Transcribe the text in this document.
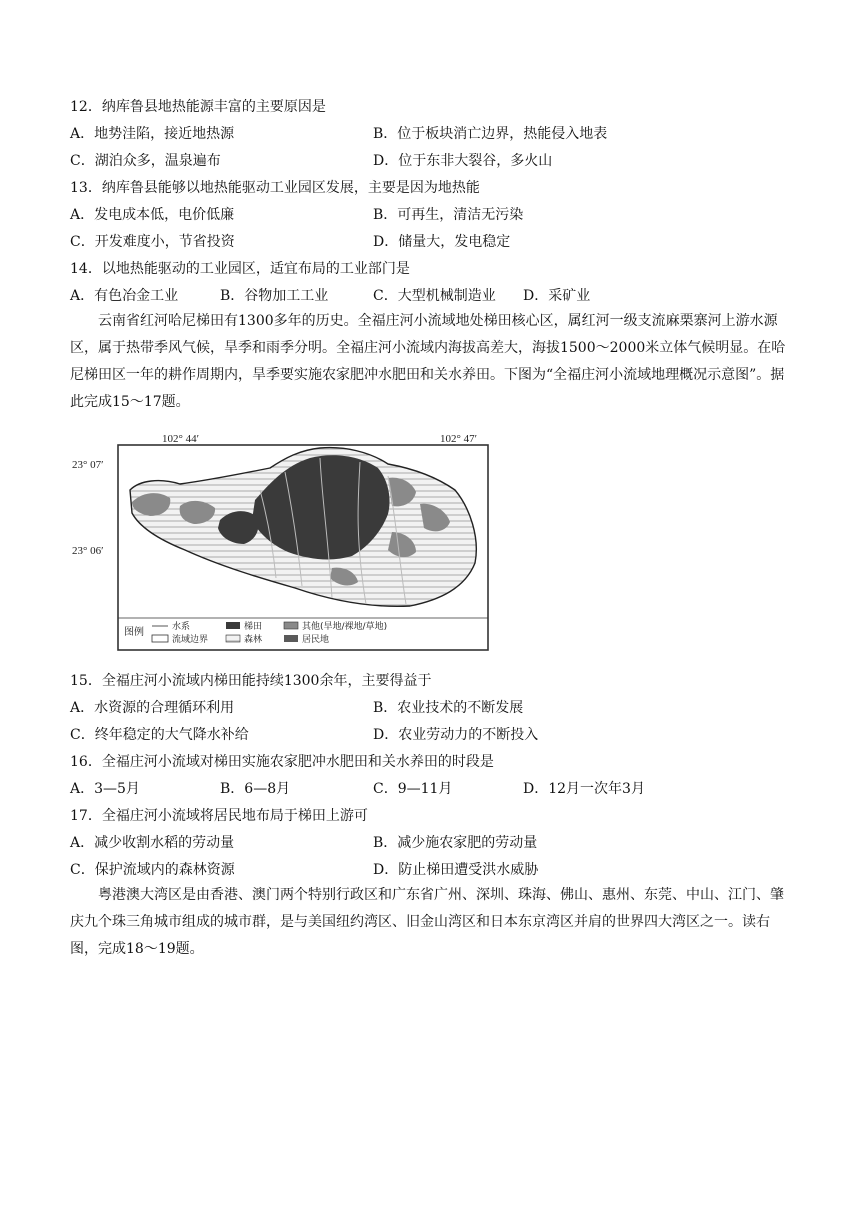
12．纳库鲁县地热能源丰富的主要原因是
A．地势洼陷，接近地热源	B．位于板块消亡边界，热能侵入地表
C．湖泊众多，温泉遍布	D．位于东非大裂谷，多火山
13．纳库鲁县能够以地热能驱动工业园区发展，主要是因为地热能
A．发电成本低，电价低廉	B．可再生，清洁无污染
C．开发难度小，节省投资	D．储量大，发电稳定
14．以地热能驱动的工业园区，适宜布局的工业部门是
A．有色冶金工业	B．谷物加工工业	C．大型机械制造业 D．采矿业

云南省红河哈尼梯田有1300多年的历史。全福庄河小流域地处梯田核心区，属红河一级支流麻栗寨河上游水源区，属于热带季风气候，旱季和雨季分明。全福庄河小流域内海拔高差大，海拔1500～2000米立体气候明显。在哈尼梯田区一年的耕作周期内，旱季要实施农家肥冲水肥田和关水养田。下图为“全福庄河小流域地理概况示意图”。据此完成15～17题。

102° 44′	102° 47′
23° 07′
23° 06′
图例	水系	梯田	其他(旱地/裸地/草地)
流域边界	森林	居民地
15．全福庄河小流域内梯田能持续1300余年，主要得益于
A．水资源的合理循环利用	B．农业技术的不断发展
C．终年稳定的大气降水补给	D．农业劳动力的不断投入
16．全福庄河小流域对梯田实施农家肥冲水肥田和关水养田的时段是
A．3—5月	B．6—8月	C．9—11月	D．12月一次年3月
17．全福庄河小流域将居民地布局于梯田上游可
A．减少收割水稻的劳动量	B．减少施农家肥的劳动量
C．保护流域内的森林资源	D．防止梯田遭受洪水威胁

粤港澳大湾区是由香港、澳门两个特别行政区和广东省广州、深圳、珠海、佛山、惠州、东莞、中山、江门、肇庆九个珠三角城市组成的城市群，是与美国纽约湾区、旧金山湾区和日本东京湾区并肩的世界四大湾区之一。读右图，完成18～19题。
